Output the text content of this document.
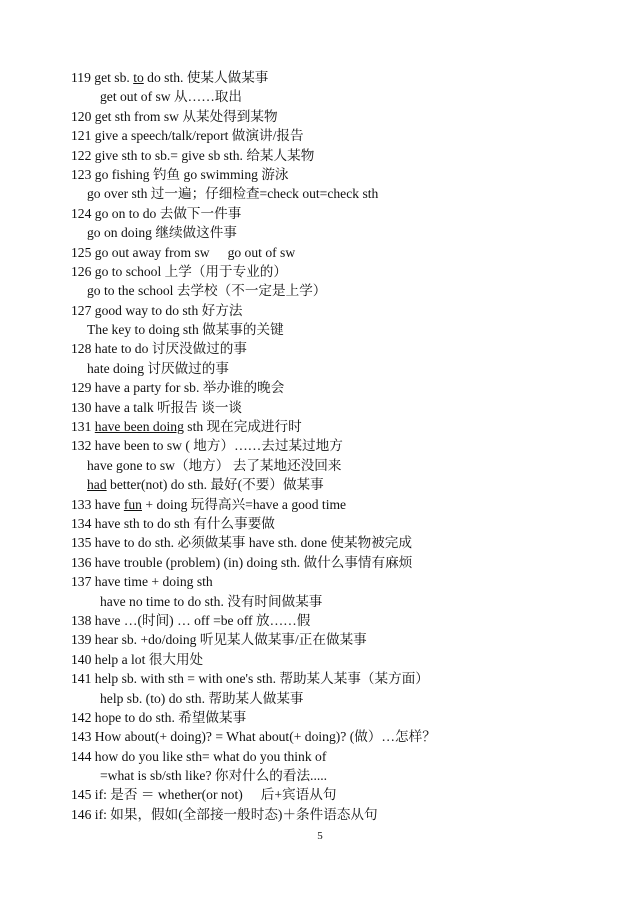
119 get sb. to do sth. 使某人做某事
get out of sw 从……取出
120 get sth from sw 从某处得到某物
121 give a speech/talk/report 做演讲/报告
122 give sth to sb.= give sb sth. 给某人某物
123 go fishing 钓鱼 go swimming 游泳
go over sth 过一遍；仔细检查=check out=check sth
124 go on to do 去做下一件事
go on doing 继续做这件事
125 go out away from sw go out of sw
126 go to school 上学（用于专业的）
go to the school 去学校（不一定是上学）
127 good way to do sth 好方法
The key to doing sth 做某事的关键
128 hate to do 讨厌没做过的事
hate doing 讨厌做过的事
129 have a party for sb. 举办谁的晚会
130 have a talk 听报告 谈一谈
131 have been doing sth 现在完成进行时
132 have been to sw ( 地方）……去过某过地方
have gone to sw（地方） 去了某地还没回来
had better(not) do sth. 最好(不要）做某事
133 have fun + doing 玩得高兴=have a good time
134 have sth to do sth 有什么事要做
135 have to do sth. 必须做某事 have sth. done 使某物被完成
136 have trouble (problem) (in) doing sth. 做什么事情有麻烦
137 have time + doing sth
have no time to do sth. 没有时间做某事
138 have …(时间) … off =be off 放……假
139 hear sb. +do/doing 听见某人做某事/正在做某事
140 help a lot 很大用处
141 help sb. with sth = with one's sth. 帮助某人某事（某方面）
help sb. (to) do sth. 帮助某人做某事
142 hope to do sth. 希望做某事
143 How about(+ doing)? = What about(+ doing)? (做）…怎样？
144 how do you like sth= what do you think of
=what is sb/sth like? 你对什么的看法.....
145 if: 是否 ＝ whether(or not) 后+宾语从句
146 if: 如果，假如(全部接一般时态)＋条件语态从句
5
